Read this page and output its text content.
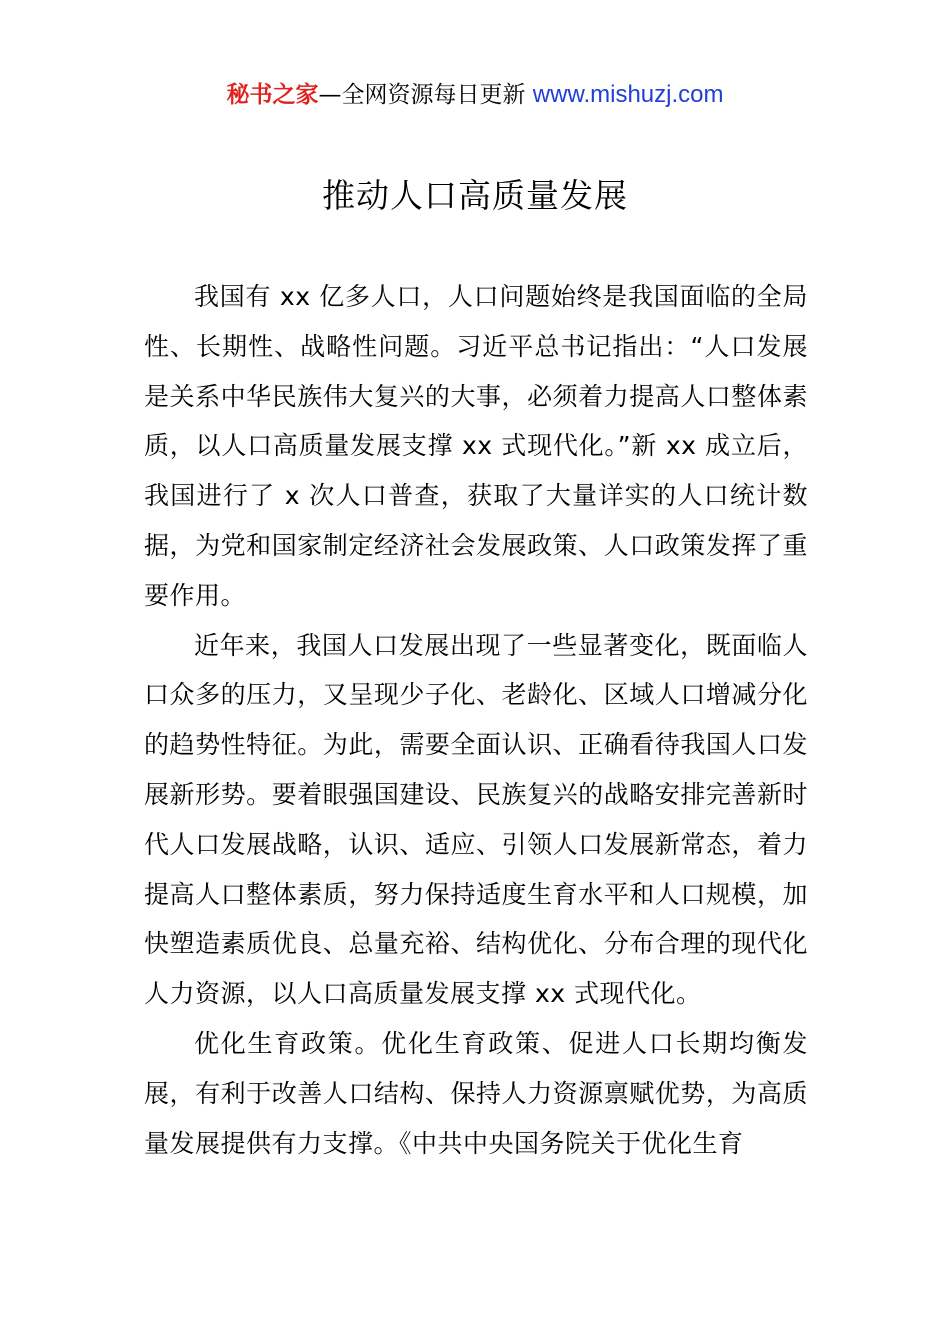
秘书之家—全网资源每日更新 www.mishuzj.com
推动人口高质量发展

我国有 xx 亿多人口，人口问题始终是我国面临的全局性、长期性、战略性问题。习近平总书记指出：“人口发展是关系中华民族伟大复兴的大事，必须着力提高人口整体素质，以人口高质量发展支撑 xx 式现代化。”新 xx 成立后，我国进行了 x 次人口普查，获取了大量详实的人口统计数据，为党和国家制定经济社会发展政策、人口政策发挥了重要作用。

近年来，我国人口发展出现了一些显著变化，既面临人口众多的压力，又呈现少子化、老龄化、区域人口增减分化的趋势性特征。为此，需要全面认识、正确看待我国人口发展新形势。要着眼强国建设、民族复兴的战略安排完善新时代人口发展战略，认识、适应、引领人口发展新常态，着力提高人口整体素质，努力保持适度生育水平和人口规模，加快塑造素质优良、总量充裕、结构优化、分布合理的现代化人力资源，以人口高质量发展支撑 xx 式现代化。

优化生育政策。优化生育政策、促进人口长期均衡发展，有利于改善人口结构、保持人力资源禀赋优势，为高质量发展提供有力支撑。《中共中央国务院关于优化生育
